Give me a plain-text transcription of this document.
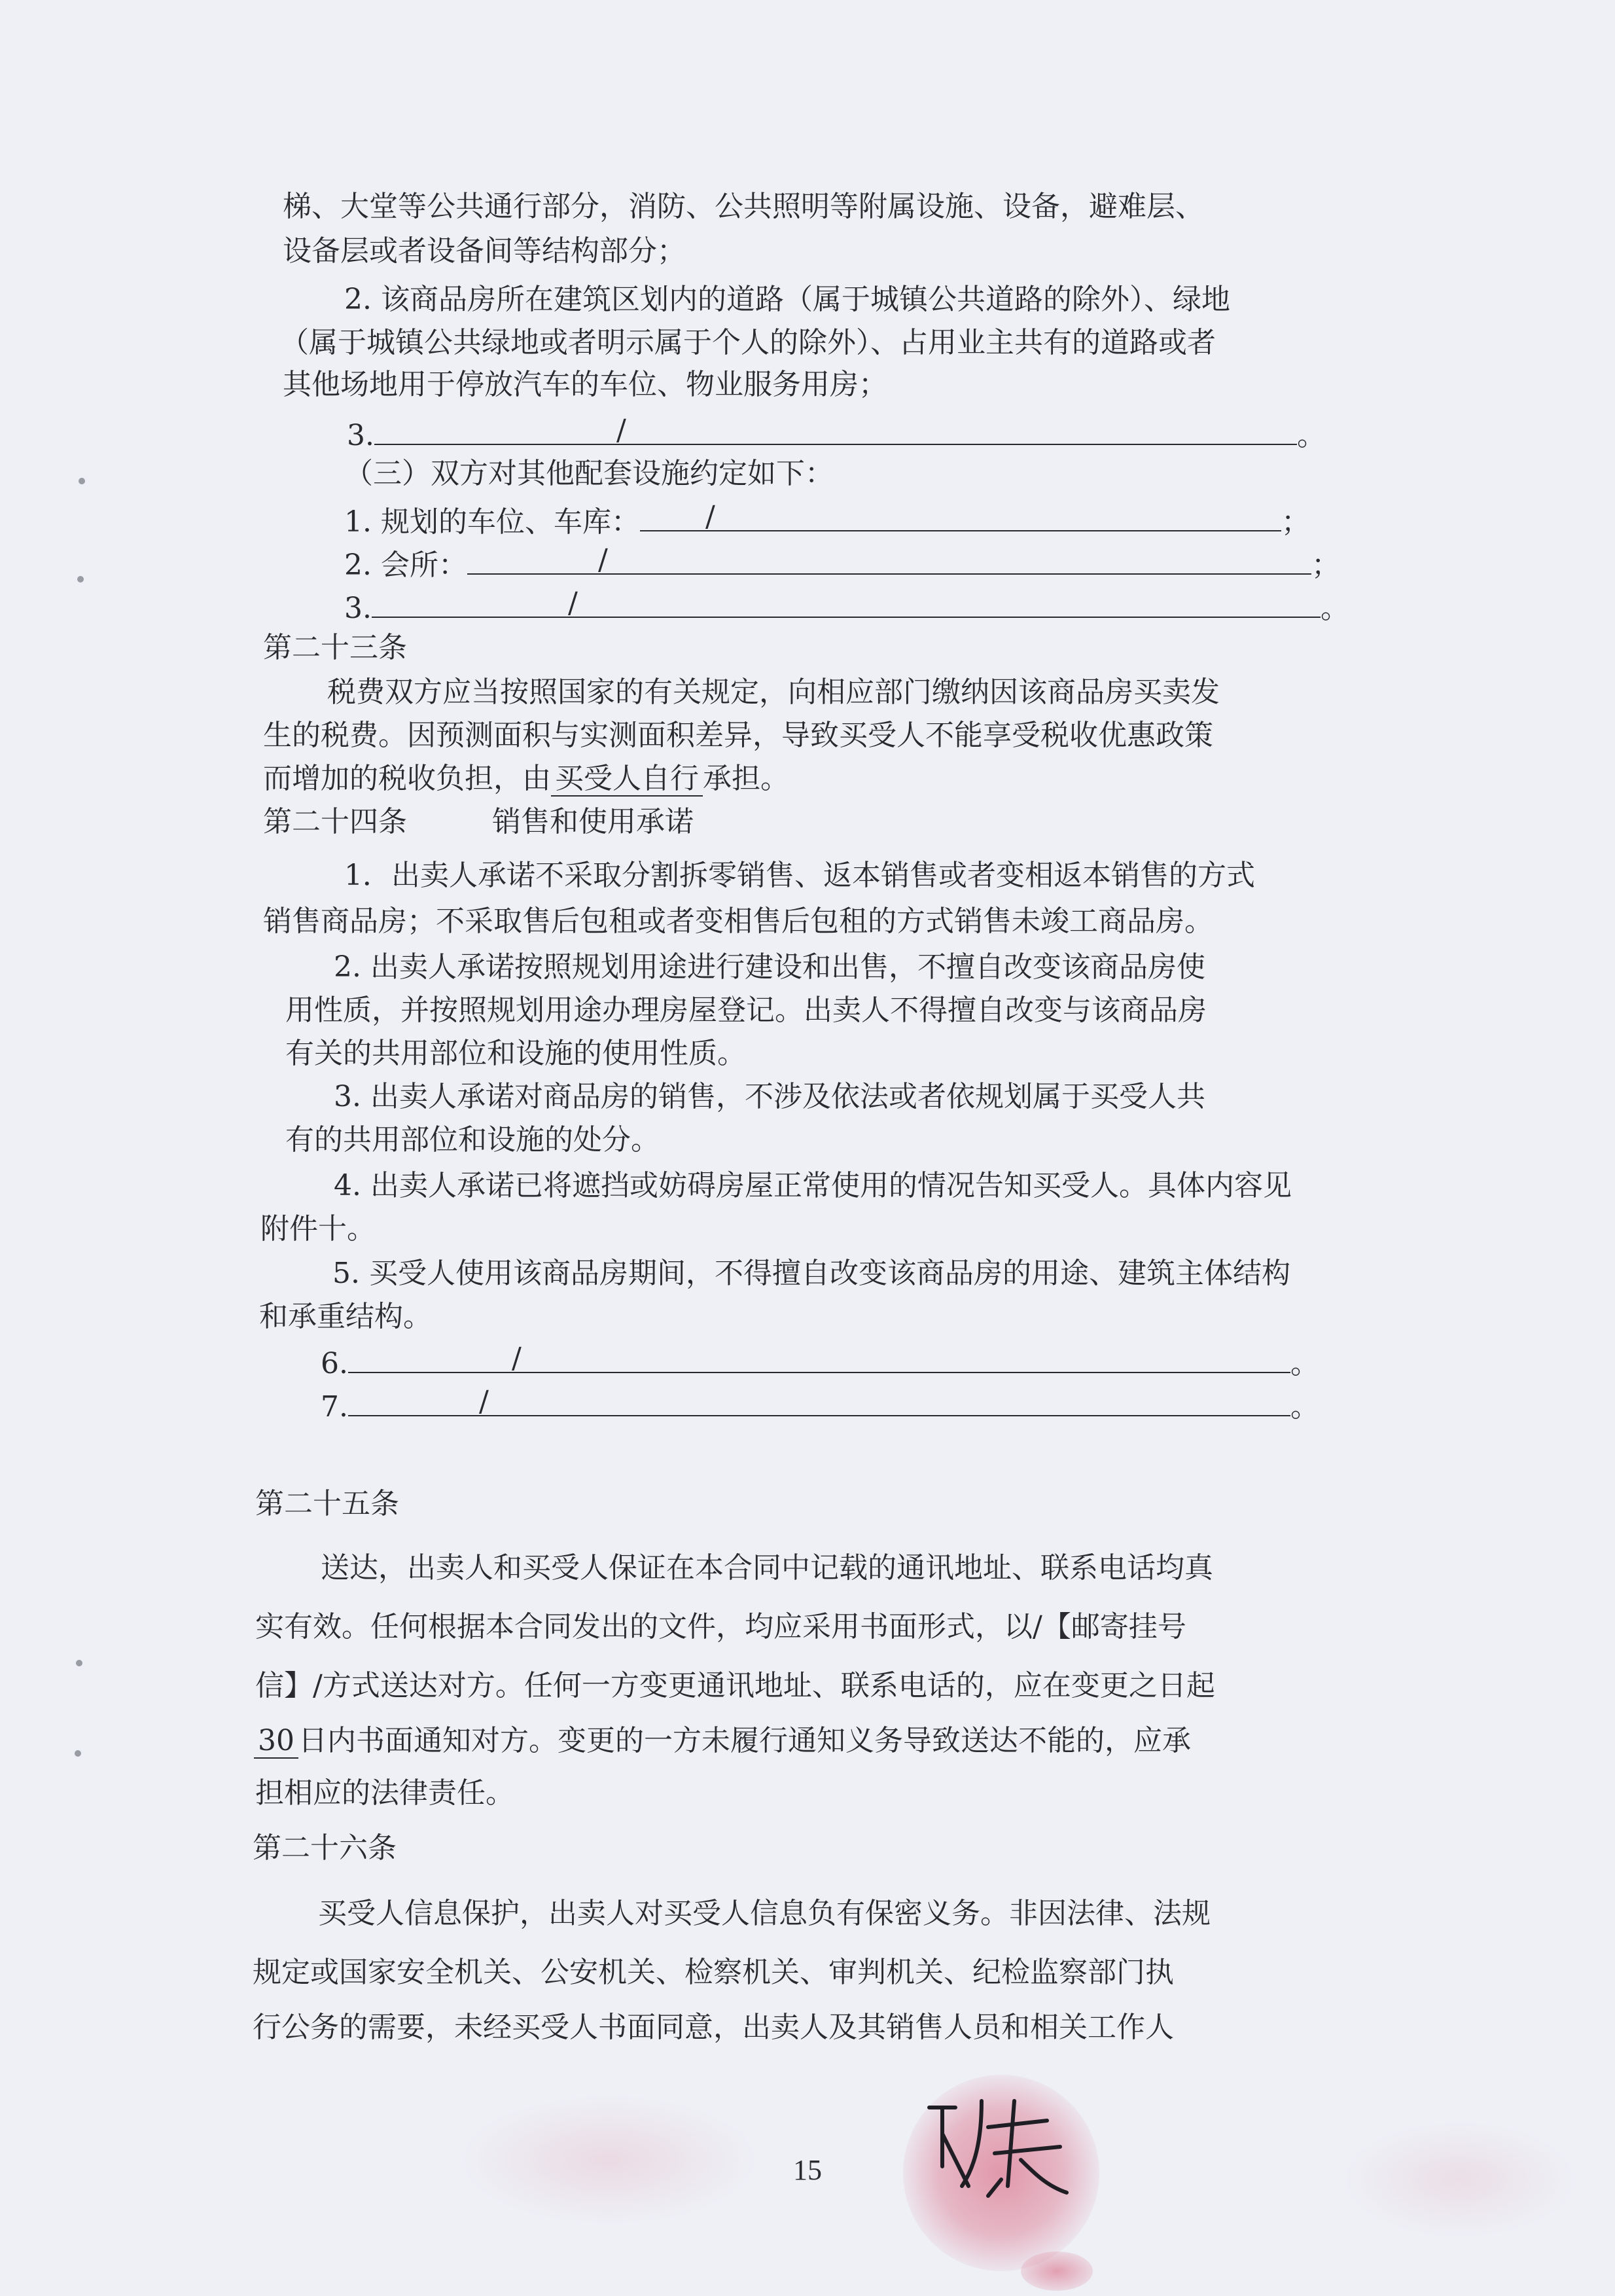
梯、大堂等公共通行部分，消防、公共照明等附属设施、设备，避难层、
设备层或者设备间等结构部分；
2. 该商品房所在建筑区划内的道路（属于城镇公共道路的除外）、绿地
（属于城镇公共绿地或者明示属于个人的除外）、占用业主共有的道路或者
其他场地用于停放汽车的车位、物业服务用房；
3.	/	。
（三）双方对其他配套设施约定如下：
1. 规划的车位、车库： /	；
2. 会所：	/	；
3.	/	。
第二十三条
税费双方应当按照国家的有关规定，向相应部门缴纳因该商品房买卖发
生的税费。因预测面积与实测面积差异，导致买受人不能享受税收优惠政策
而增加的税收负担，由 买受人自行 承担。
第二十四条	销售和使用承诺
1．出卖人承诺不采取分割拆零销售、返本销售或者变相返本销售的方式
销售商品房；不采取售后包租或者变相售后包租的方式销售未竣工商品房。
2. 出卖人承诺按照规划用途进行建设和出售，不擅自改变该商品房使
用性质，并按照规划用途办理房屋登记。出卖人不得擅自改变与该商品房
有关的共用部位和设施的使用性质。
3. 出卖人承诺对商品房的销售，不涉及依法或者依规划属于买受人共
有的共用部位和设施的处分。
4. 出卖人承诺已将遮挡或妨碍房屋正常使用的情况告知买受人。具体内容见
附件十。
5. 买受人使用该商品房期间，不得擅自改变该商品房的用途、建筑主体结构
和承重结构。
6.	/	。
7.	/	。
第二十五条
送达，出卖人和买受人保证在本合同中记载的通讯地址、联系电话均真
实有效。任何根据本合同发出的文件，均应采用书面形式，以/【邮寄挂号
信】/方式送达对方。任何一方变更通讯地址、联系电话的，应在变更之日起
30 日内书面通知对方。变更的一方未履行通知义务导致送达不能的，应承
担相应的法律责任。
第二十六条
买受人信息保护，出卖人对买受人信息负有保密义务。非因法律、法规
规定或国家安全机关、公安机关、检察机关、审判机关、纪检监察部门执
行公务的需要，未经买受人书面同意，出卖人及其销售人员和相关工作人
15
